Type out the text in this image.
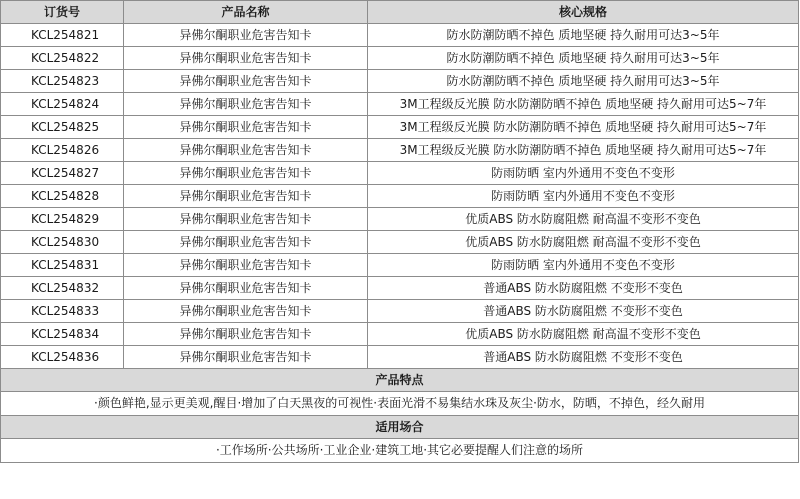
订货号	产品名称	核心规格
KCL254821	异佛尔酮职业危害告知卡	防水防潮防晒不掉色 质地坚硬 持久耐用可达3~5年
KCL254822	异佛尔酮职业危害告知卡	防水防潮防晒不掉色 质地坚硬 持久耐用可达3~5年
KCL254823	异佛尔酮职业危害告知卡	防水防潮防晒不掉色 质地坚硬 持久耐用可达3~5年
KCL254824	异佛尔酮职业危害告知卡	3M工程级反光膜 防水防潮防晒不掉色 质地坚硬 持久耐用可达5~7年
KCL254825	异佛尔酮职业危害告知卡	3M工程级反光膜 防水防潮防晒不掉色 质地坚硬 持久耐用可达5~7年
KCL254826	异佛尔酮职业危害告知卡	3M工程级反光膜 防水防潮防晒不掉色 质地坚硬 持久耐用可达5~7年
KCL254827	异佛尔酮职业危害告知卡	防雨防晒 室内外通用不变色不变形
KCL254828	异佛尔酮职业危害告知卡	防雨防晒 室内外通用不变色不变形
KCL254829	异佛尔酮职业危害告知卡	优质ABS 防水防腐阻燃 耐高温不变形不变色
KCL254830	异佛尔酮职业危害告知卡	优质ABS 防水防腐阻燃 耐高温不变形不变色
KCL254831	异佛尔酮职业危害告知卡	防雨防晒 室内外通用不变色不变形
KCL254832	异佛尔酮职业危害告知卡	普通ABS 防水防腐阻燃 不变形不变色
KCL254833	异佛尔酮职业危害告知卡	普通ABS 防水防腐阻燃 不变形不变色
KCL254834	异佛尔酮职业危害告知卡	优质ABS 防水防腐阻燃 耐高温不变形不变色
KCL254836	异佛尔酮职业危害告知卡	普通ABS 防水防腐阻燃 不变形不变色
产品特点		
·颜色鲜艳,显示更美观,醒目·增加了白天黑夜的可视性·表面光滑不易集结水珠及灰尘·防水，防晒，不掉色，经久耐用		
适用场合		
·工作场所·公共场所·工业企业·建筑工地·其它必要提醒人们注意的场所		
